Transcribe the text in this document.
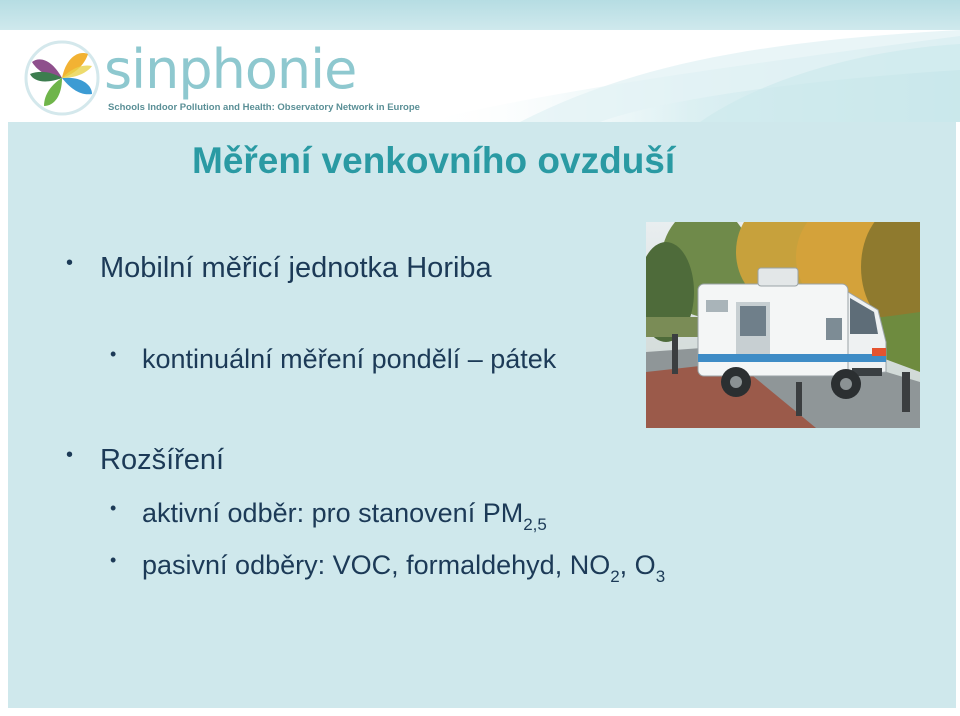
sinphonie
Schools Indoor Pollution and Health: Observatory Network in Europe
Měření venkovního ovzduší
• Mobilní měřicí jednotka Horiba
• kontinuální měření pondělí – pátek
• Rozšíření
• aktivní odběr: pro stanovení $PM_{2,5}$
• pasivní odběry: VOC, formaldehyd, $NO_2$, $O_3$
